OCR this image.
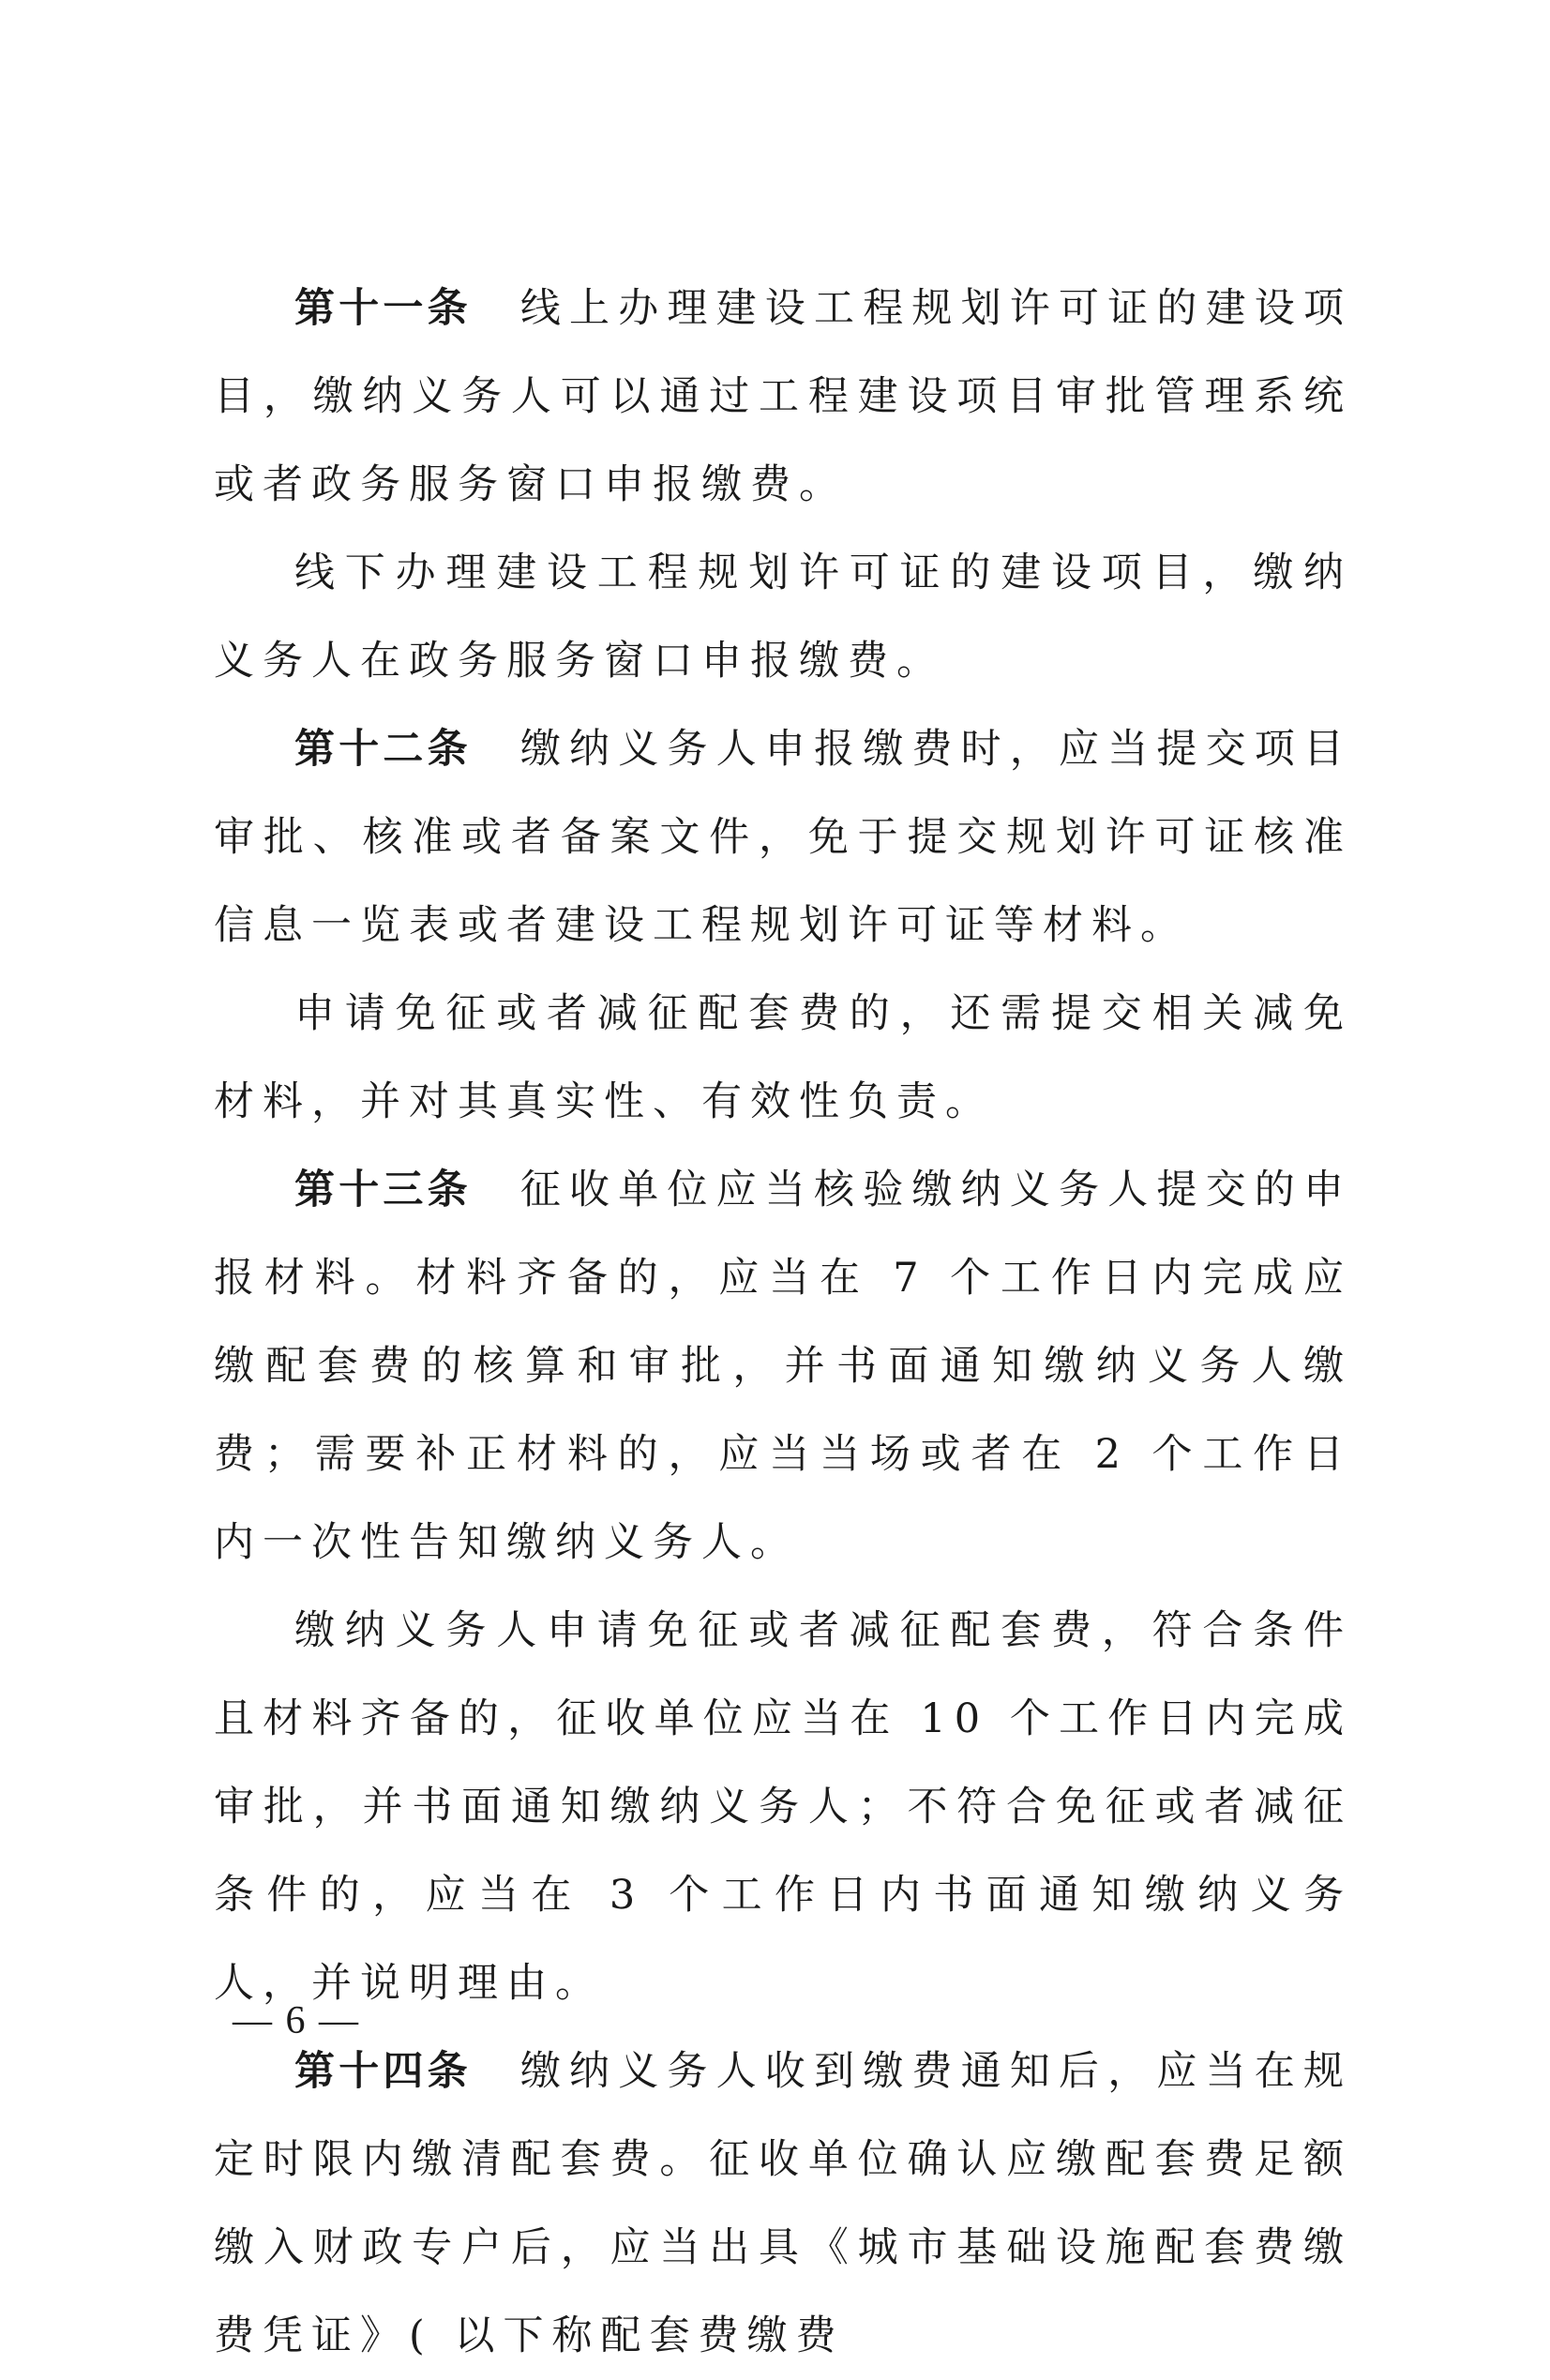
第十一条 线上办理建设工程规划许可证的建设项目，缴纳义务人可以通过工程建设项目审批管理系统或者政务服务窗口申报缴费。

线下办理建设工程规划许可证的建设项目，缴纳义务人在政务服务窗口申报缴费。

第十二条 缴纳义务人申报缴费时，应当提交项目审批、核准或者备案文件，免于提交规划许可证核准信息一览表或者建设工程规划许可证等材料。

申请免征或者减征配套费的，还需提交相关减免材料，并对其真实性、有效性负责。

第十三条 征收单位应当核验缴纳义务人提交的申报材料。材料齐备的，应当在 7 个工作日内完成应缴配套费的核算和审批，并书面通知缴纳义务人缴费；需要补正材料的，应当当场或者在 2 个工作日内一次性告知缴纳义务人。

缴纳义务人申请免征或者减征配套费，符合条件且材料齐备的，征收单位应当在 10 个工作日内完成审批，并书面通知缴纳义务人；不符合免征或者减征条件的，应当在 3 个工作日内书面通知缴纳义务人，并说明理由。

第十四条 缴纳义务人收到缴费通知后，应当在规定时限内缴清配套费。征收单位确认应缴配套费足额缴入财政专户后，应当出具《城市基础设施配套费缴费凭证》( 以下称配套费缴费

— 6 —
